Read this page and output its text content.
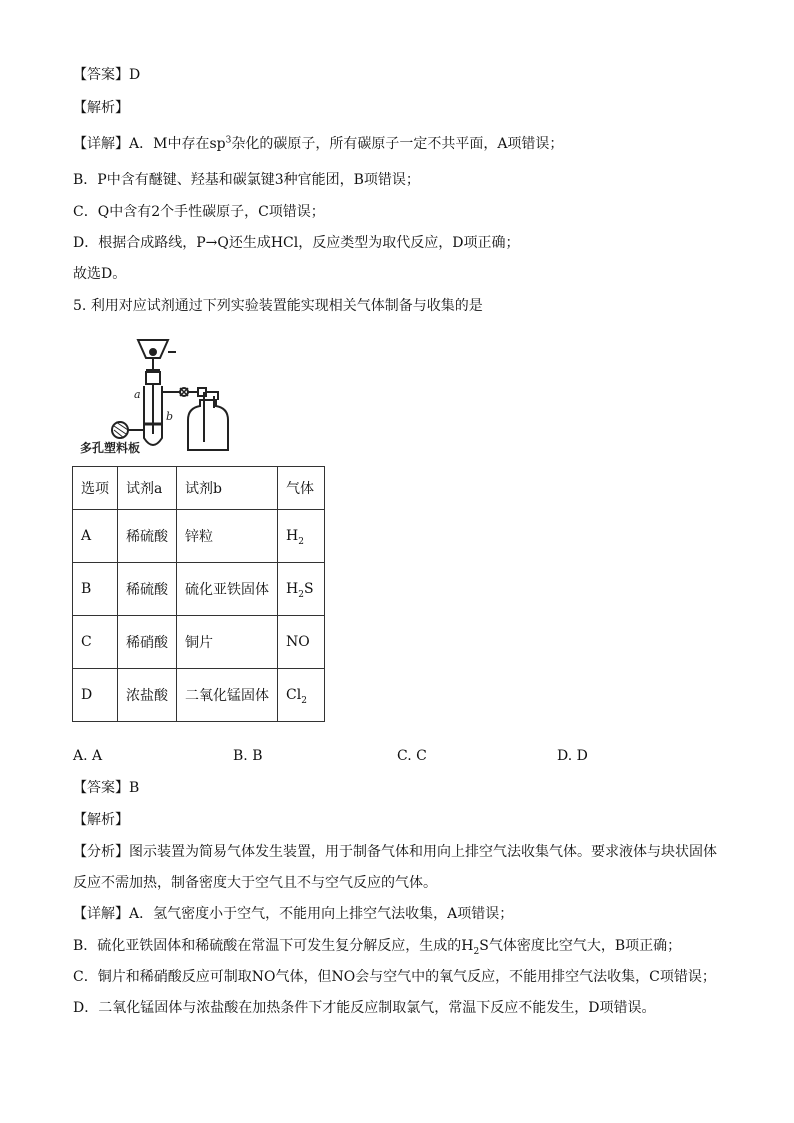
【答案】D
【解析】
【详解】A．M中存在$sp^3$杂化的碳原子，所有碳原子一定不共平面，A项错误；
B．P中含有醚键、羟基和碳氯键3种官能团，B项错误；
C．Q中含有2个手性碳原子，C项错误；
D．根据合成路线，P→Q还生成HCl，反应类型为取代反应，D项正确；
故选D。
5. 利用对应试剂通过下列实验装置能实现相关气体制备与收集的是
a
b
多孔塑料板
选项	试剂a	试剂b	气体
A	稀硫酸	锌粒	$H_2$
B	稀硫酸	硫化亚铁固体	$H_2S$
C	稀硝酸	铜片	NO
D	浓盐酸	二氧化锰固体	$Cl_2$
A. A	B. B	C. C	D. D
【答案】B
【解析】
【分析】图示装置为简易气体发生装置，用于制备气体和用向上排空气法收集气体。要求液体与块状固体
反应不需加热，制备密度大于空气且不与空气反应的气体。
【详解】A．氢气密度小于空气，不能用向上排空气法收集，A项错误；
B．硫化亚铁固体和稀硫酸在常温下可发生复分解反应，生成的$H_2S$气体密度比空气大，B项正确；
C．铜片和稀硝酸反应可制取NO气体，但NO会与空气中的氧气反应，不能用排空气法收集，C项错误；
D．二氧化锰固体与浓盐酸在加热条件下才能反应制取氯气，常温下反应不能发生，D项错误。
